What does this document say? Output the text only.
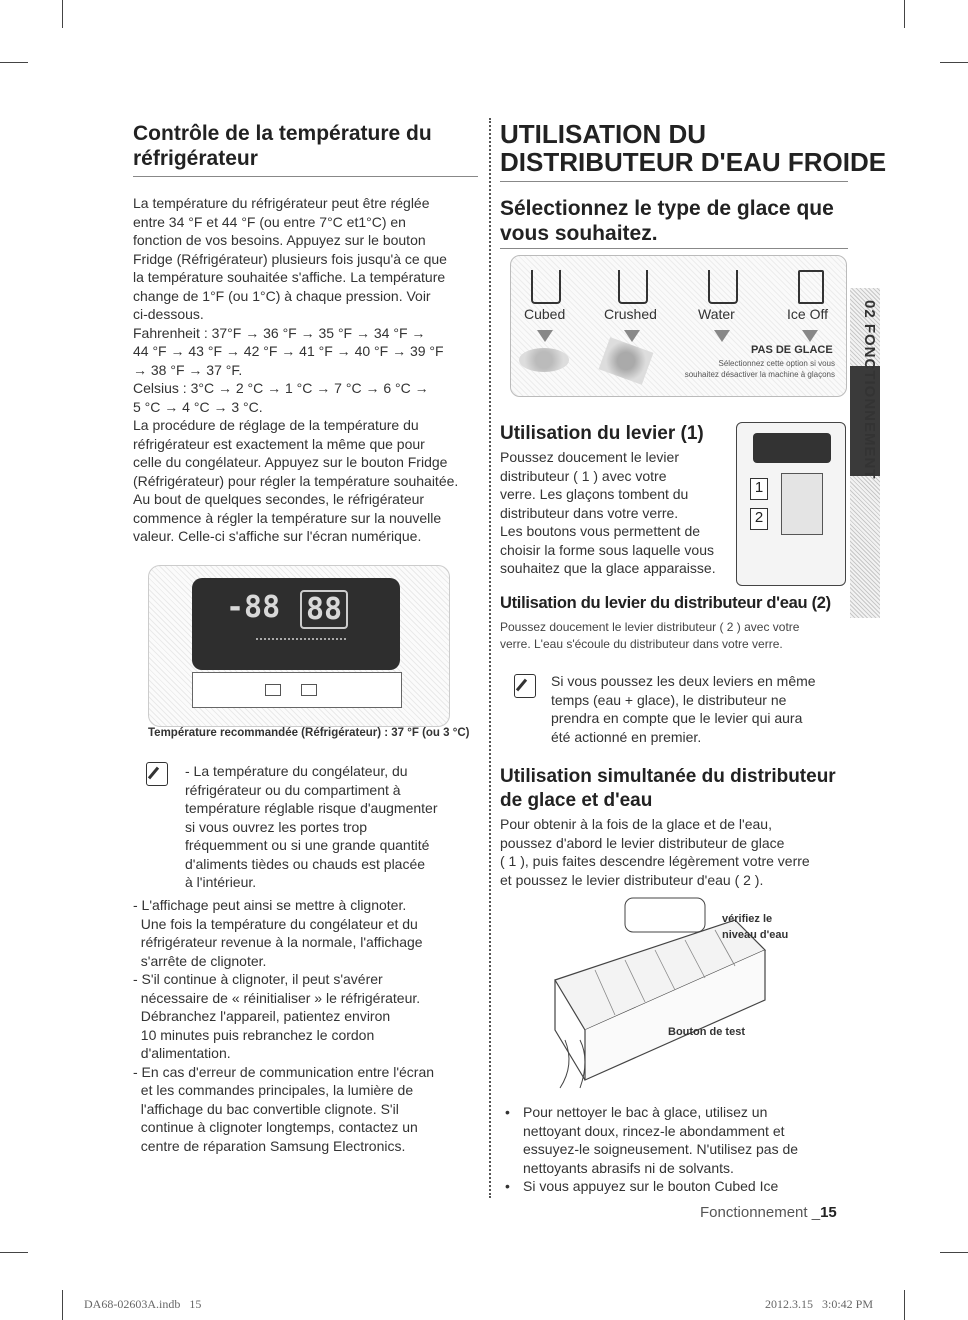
Contrôle de la température du
réfrigérateur
La température du réfrigérateur peut être réglée
entre 34 °F et 44 °F (ou entre 7°C et1°C) en
fonction de vos besoins. Appuyez sur le bouton
Fridge (Réfrigérateur) plusieurs fois jusqu'à ce que
la température souhaitée s'affiche. La température
change de 1°F (ou 1°C) à chaque pression. Voir
ci-dessous.
Fahrenheit : 37°F → 36 °F → 35 °F → 34 °F →
44 °F → 43 °F → 42 °F → 41 °F → 40 °F → 39 °F
→ 38 °F → 37 °F.
Celsius : 3°C → 2 °C → 1 °C → 7 °C → 6 °C →
5 °C → 4 °C → 3 °C.
La procédure de réglage de la température du
réfrigérateur est exactement la même que pour
celle du congélateur. Appuyez sur le bouton Fridge
(Réfrigérateur) pour régler la température souhaitée.
Au bout de quelques secondes, le réfrigérateur
commence à régler la température sur la nouvelle
valeur. Celle-ci s'affiche sur l'écran numérique.
-88 88
Température recommandée (Réfrigérateur) : 37 °F (ou 3 °C)
- La température du congélateur, du
réfrigérateur ou du compartiment à
température réglable risque d'augmenter
si vous ouvrez les portes trop
fréquemment ou si une grande quantité
d'aliments tièdes ou chauds est placée
à l'intérieur.
- L'affichage peut ainsi se mettre à clignoter.
Une fois la température du congélateur et du
réfrigérateur revenue à la normale, l'affichage
s'arrête de clignoter.
- S'il continue à clignoter, il peut s'avérer
nécessaire de « réinitialiser » le réfrigérateur.
Débranchez l'appareil, patientez environ
10 minutes puis rebranchez le cordon
d'alimentation.
- En cas d'erreur de communication entre l'écran
et les commandes principales, la lumière de
l'affichage du bac convertible clignote. S'il
continue à clignoter longtemps, contactez un
centre de réparation Samsung Electronics.
UTILISATION DU
DISTRIBUTEUR D'EAU FROIDE
Sélectionnez le type de glace que
vous souhaitez.
Cubed	Crushed	Water	Ice Off
PAS DE GLACE
Sélectionnez cette option si vous
souhaitez désactiver la machine à glaçons
Utilisation du levier (1)
Poussez doucement le levier
distributeur ( 1 ) avec votre
verre. Les glaçons tombent du
distributeur dans votre verre.
Les boutons vous permettent de
choisir la forme sous laquelle vous
souhaitez que la glace apparaisse.
1
2
Utilisation du levier du distributeur d'eau (2)
Poussez doucement le levier distributeur ( 2 ) avec votre
verre. L'eau s'écoule du distributeur dans votre verre.
Si vous poussez les deux leviers en même
temps (eau + glace), le distributeur ne
prendra en compte que le levier qui aura
été actionné en premier.
Utilisation simultanée du distributeur
de glace et d'eau
Pour obtenir à la fois de la glace et de l'eau,
poussez d'abord le levier distributeur de glace
( 1 ), puis faites descendre légèrement votre verre
et poussez le levier distributeur d'eau ( 2 ).
vérifiez le
niveau d'eau
Bouton de test
• Pour nettoyer le bac à glace, utilisez un
nettoyant doux, rincez-le abondamment et
essuyez-le soigneusement. N'utilisez pas de
nettoyants abrasifs ni de solvants.
• Si vous appuyez sur le bouton Cubed Ice
02 FONCTIONNEMENT
Fonctionnement _15
DA68-02603A.indb   15	2012.3.15   3:0:42 PM
